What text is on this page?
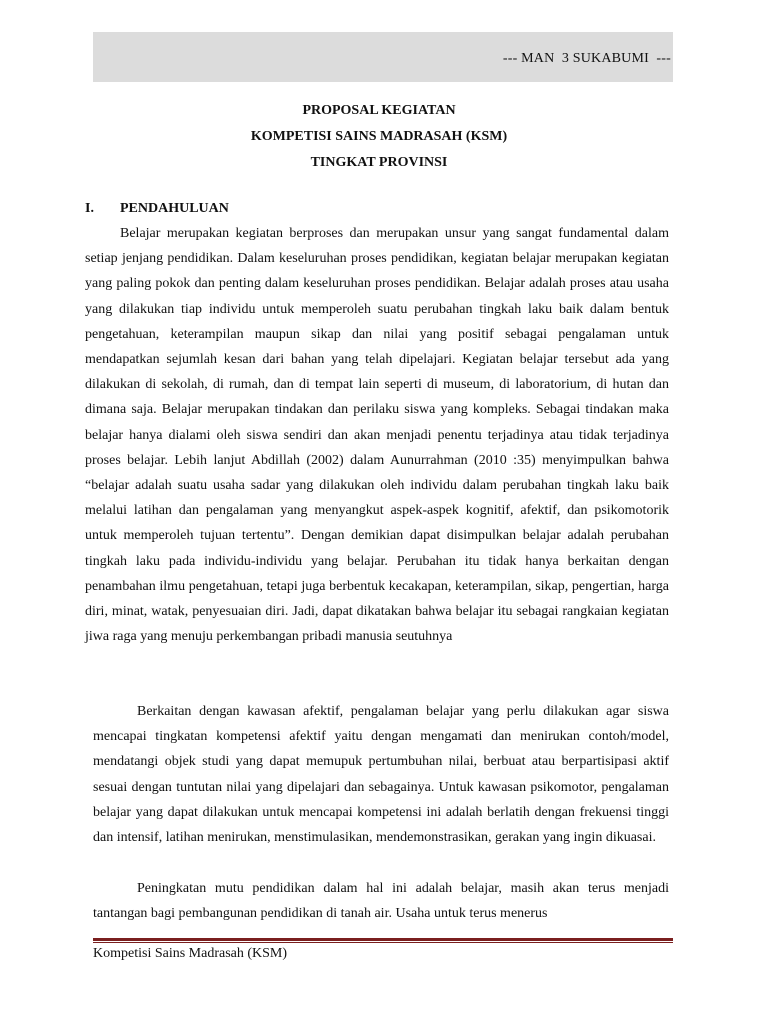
--- MAN  3 SUKABUMI  ---
PROPOSAL KEGIATAN
KOMPETISI SAINS MADRASAH (KSM)
TINGKAT PROVINSI
I. PENDAHULUAN

Belajar merupakan kegiatan berproses dan merupakan unsur yang sangat fundamental dalam setiap jenjang pendidikan. Dalam keseluruhan proses pendidikan, kegiatan belajar merupakan kegiatan yang paling pokok dan penting dalam keseluruhan proses pendidikan. Belajar adalah proses atau usaha yang dilakukan tiap individu untuk memperoleh suatu perubahan tingkah laku baik dalam bentuk pengetahuan, keterampilan maupun sikap dan nilai yang positif sebagai pengalaman untuk mendapatkan sejumlah kesan dari bahan yang telah dipelajari. Kegiatan belajar tersebut ada yang dilakukan di sekolah, di rumah, dan di tempat lain seperti di museum, di laboratorium, di hutan dan dimana saja. Belajar merupakan tindakan dan perilaku siswa yang kompleks. Sebagai tindakan maka belajar hanya dialami oleh siswa sendiri dan akan menjadi penentu terjadinya atau tidak terjadinya proses belajar. Lebih lanjut Abdillah (2002) dalam Aunurrahman (2010 :35) menyimpulkan bahwa “belajar adalah suatu usaha sadar yang dilakukan oleh individu dalam perubahan tingkah laku baik melalui latihan dan pengalaman yang menyangkut aspek-aspek kognitif, afektif, dan psikomotorik untuk memperoleh tujuan tertentu”. Dengan demikian dapat disimpulkan belajar adalah perubahan tingkah laku pada individu-individu yang belajar. Perubahan itu tidak hanya berkaitan dengan penambahan ilmu pengetahuan, tetapi juga berbentuk kecakapan, keterampilan, sikap, pengertian, harga diri, minat, watak, penyesuaian diri. Jadi, dapat dikatakan bahwa belajar itu sebagai rangkaian kegiatan jiwa raga yang menuju perkembangan pribadi manusia seutuhnya

Berkaitan dengan kawasan afektif, pengalaman belajar yang perlu dilakukan agar siswa mencapai tingkatan kompetensi afektif yaitu dengan mengamati dan menirukan contoh/model, mendatangi objek studi yang dapat memupuk pertumbuhan nilai, berbuat atau berpartisipasi aktif sesuai dengan tuntutan nilai yang dipelajari dan sebagainya. Untuk kawasan psikomotor, pengalaman belajar yang dapat dilakukan untuk mencapai kompetensi ini adalah berlatih dengan frekuensi tinggi dan intensif, latihan menirukan, menstimulasikan, mendemonstrasikan, gerakan yang ingin dikuasai.

Peningkatan mutu pendidikan dalam hal ini adalah belajar, masih akan terus menjadi tantangan bagi pembangunan pendidikan di tanah air. Usaha untuk terus menerus

Kompetisi Sains Madrasah (KSM)
